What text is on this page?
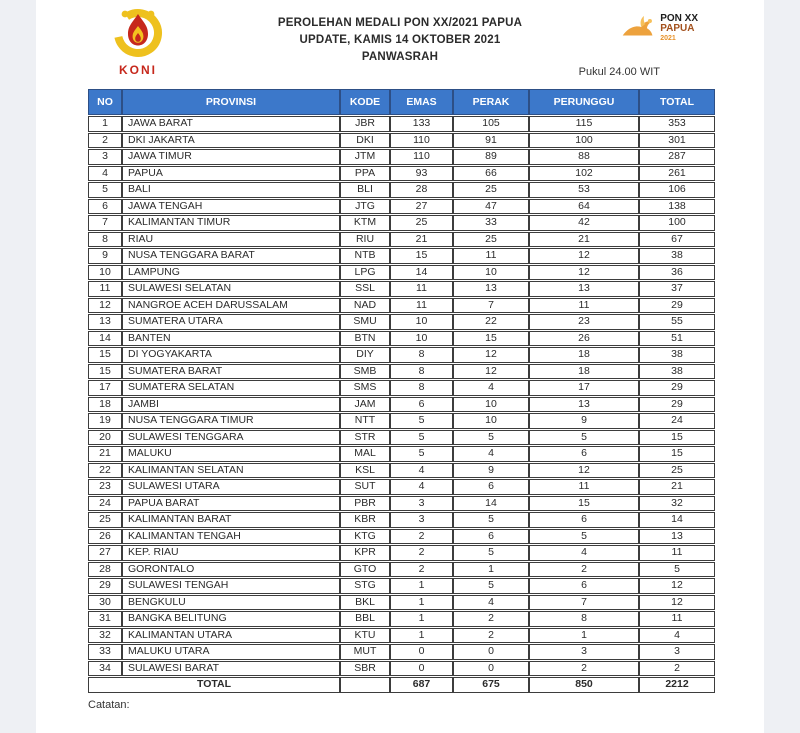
KONI
PEROLEHAN MEDALI PON XX/2021 PAPUA
UPDATE, KAMIS 14 OKTOBER 2021
PANWASRAH
PON XX
PAPUA
2021
Pukul 24.00 WIT
NO	PROVINSI	KODE	EMAS	PERAK	PERUNGGU	TOTAL
1	JAWA BARAT	JBR	133	105	115	353
2	DKI JAKARTA	DKI	110	91	100	301
3	JAWA TIMUR	JTM	110	89	88	287
4	PAPUA	PPA	93	66	102	261
5	BALI	BLI	28	25	53	106
6	JAWA TENGAH	JTG	27	47	64	138
7	KALIMANTAN TIMUR	KTM	25	33	42	100
8	RIAU	RIU	21	25	21	67
9	NUSA TENGGARA BARAT	NTB	15	11	12	38
10	LAMPUNG	LPG	14	10	12	36
11	SULAWESI SELATAN	SSL	11	13	13	37
12	NANGROE ACEH DARUSSALAM	NAD	11	7	11	29
13	SUMATERA UTARA	SMU	10	22	23	55
14	BANTEN	BTN	10	15	26	51
15	DI YOGYAKARTA	DIY	8	12	18	38
15	SUMATERA BARAT	SMB	8	12	18	38
17	SUMATERA SELATAN	SMS	8	4	17	29
18	JAMBI	JAM	6	10	13	29
19	NUSA TENGGARA TIMUR	NTT	5	10	9	24
20	SULAWESI TENGGARA	STR	5	5	5	15
21	MALUKU	MAL	5	4	6	15
22	KALIMANTAN SELATAN	KSL	4	9	12	25
23	SULAWESI UTARA	SUT	4	6	11	21
24	PAPUA BARAT	PBR	3	14	15	32
25	KALIMANTAN BARAT	KBR	3	5	6	14
26	KALIMANTAN TENGAH	KTG	2	6	5	13
27	KEP. RIAU	KPR	2	5	4	11
28	GORONTALO	GTO	2	1	2	5
29	SULAWESI TENGAH	STG	1	5	6	12
30	BENGKULU	BKL	1	4	7	12
31	BANGKA BELITUNG	BBL	1	2	8	11
32	KALIMANTAN UTARA	KTU	1	2	1	4
33	MALUKU UTARA	MUT	0	0	3	3
34	SULAWESI BARAT	SBR	0	0	2	2
TOTAL			687	675	850	2212
Catatan:
